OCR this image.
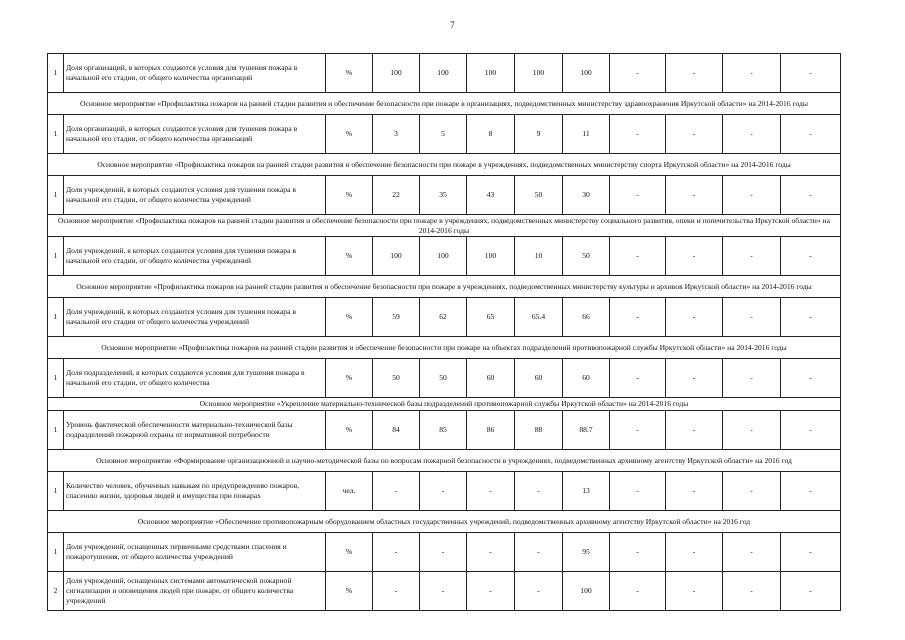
7
1	Доля организаций, в которых создаются условия для тушения пожара в начальной его стадии, от общего количества организаций	%	100	100	100	100	100	-	-	-	-
Основное мероприятие «Профилактика пожаров на ранней стадии развития и обеспечение безопасности при пожаре в организациях, подведомственных министерству здравоохранения Иркутской области» на 2014-2016 годы											
1	Доля организаций, в которых создаются условия для тушения пожара в начальной его стадии, от общего количества организаций	%	3	5	8	9	11	-	-	-	-
Основное мероприятие «Профилактика пожаров на ранней стадии развития и обеспечение безопасности при пожаре в учреждениях, подведомственных министерству спорта Иркутской области» на 2014-2016 годы											
1	Доля учреждений, в которых создаются условия для тушения пожара в начальной его стадии, от общего количества учреждений	%	22	35	43	50	30	-	-	-	-
Основное мероприятие «Профилактика пожаров на ранней стадии развития и обеспечение безопасности при пожаре в учреждениях, подведомственных министерству социального развития, опеки и попечительства Иркутской области» на 2014-2016 годы											
1	Доля учреждений, в которых создаются условия для тушения пожара в начальной его стадии, от общего количества учреждений	%	100	100	100	10	50	-	-	-	-
Основное мероприятие «Профилактика пожаров на ранней стадии развития и обеспечение безопасности при пожаре в учреждениях, подведомственных министерству культуры и архивов Иркутской области» на 2014-2016 годы											
1	Доля учреждений, в которых создаются условия для тушения пожара в начальной его стадии от общего количества учреждений	%	59	62	65	65.4	66	-	-	-	-
Основное мероприятие «Профилактика пожаров на ранней стадии развития и обеспечение безопасности при пожаре на объектах подразделений противопожарной службы Иркутской области» на 2014-2016 годы											
1	Доля подразделений, в которых создаются условия для тушения пожара в начальной его стадии, от общего количества	%	50	50	60	60	60	-	-	-	-
Основное мероприятие «Укрепление материально-технической базы подразделений противопожарной службы Иркутской области» на 2014-2016 годы											
1	Уровень фактической обеспеченности материально-технической базы подразделений пожарной охраны от нормативной потребности	%	84	85	86	88	88.7	-	-	-	-
Основное мероприятие «Формирование организационной и научно-методической базы по вопросам пожарной безопасности в учреждениях, подведомственных архивному агентству Иркутской области» на 2016 год											
1	Количество человек, обученных навыкам по предупреждению пожаров, спасению жизни, здоровья людей и имущества при пожарах	чел.	-	-	-	-	13	-	-	-	-
Основное мероприятие «Обеспечение противопожарным оборудованием областных государственных учреждений, подведомственных архивному агентству Иркутской области» на 2016 год											
1	Доля учреждений, оснащенных первичными средствами спасения и пожаротушения, от общего количества учреждений	%	-	-	-	-	95	-	-	-	-
2	Доля учреждений, оснащенных системами автоматической пожарной сигнализации и оповещения людей при пожаре, от общего количества учреждений	%	-	-	-	-	100	-	-	-	-
